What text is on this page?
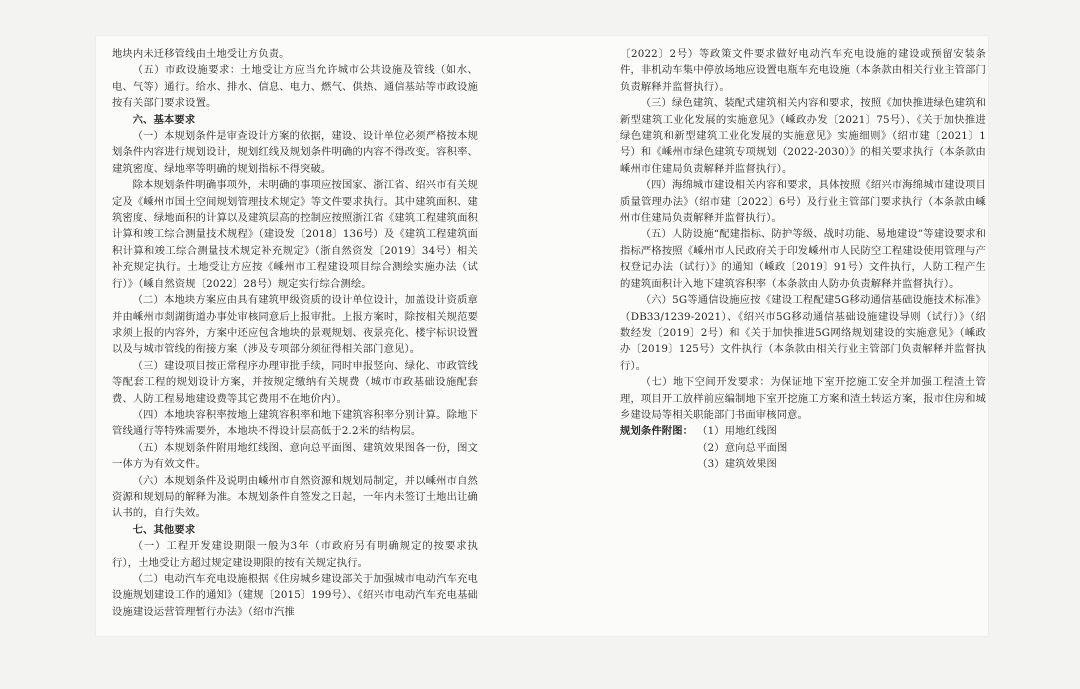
地块内未迁移管线由土地受让方负责。

（五）市政设施要求：土地受让方应当允许城市公共设施及管线（如水、电、气等）通行。给水、排水、信息、电力、燃气、供热、通信基站等市政设施按有关部门要求设置。

六、基本要求

（一）本规划条件是审查设计方案的依据，建设、设计单位必须严格按本规划条件内容进行规划设计，规划红线及规划条件明确的内容不得改变。容积率、建筑密度、绿地率等明确的规划指标不得突破。

除本规划条件明确事项外，未明确的事项应按国家、浙江省、绍兴市有关规定及《嵊州市国土空间规划管理技术规定》等文件要求执行。其中建筑面积、建筑密度、绿地面积的计算以及建筑层高的控制应按照浙江省《建筑工程建筑面积计算和竣工综合测量技术规程》（建设发〔2018〕136号）及《建筑工程建筑面积计算和竣工综合测量技术规定补充规定》（浙自然资发〔2019〕34号）相关补充规定执行。土地受让方应按《嵊州市工程建设项目综合测绘实施办法（试行）》（嵊自然资规〔2022〕28号）规定实行综合测绘。

（二）本地块方案应由具有建筑甲级资质的设计单位设计，加盖设计资质章并由嵊州市剡湖街道办事处审核同意后上报审批。上报方案时，除按相关规范要求须上报的内容外，方案中还应包含地块的景观规划、夜景亮化、楼宇标识设置以及与城市管线的衔接方案（涉及专项部分须征得相关部门意见）。

（三）建设项目按正常程序办理审批手续，同时申报竖向、绿化、市政管线等配套工程的规划设计方案，并按规定缴纳有关规费（城市市政基础设施配套费、人防工程易地建设费等其它费用不在地价内）。

（四）本地块容积率按地上建筑容积率和地下建筑容积率分别计算。除地下管线通行等特殊需要外，本地块不得设计层高低于2.2米的结构层。

（五）本规划条件附用地红线图、意向总平面图、建筑效果图各一份，图文一体方为有效文件。

（六）本规划条件及说明由嵊州市自然资源和规划局制定，并以嵊州市自然资源和规划局的解释为准。本规划条件自签发之日起，一年内未签订土地出让确认书的，自行失效。

七、其他要求

（一）工程开发建设期限一般为3年（市政府另有明确规定的按要求执行），土地受让方超过规定建设期限的按有关规定执行。

（二）电动汽车充电设施根据《住房城乡建设部关于加强城市电动汽车充电设施规划建设工作的通知》（建规〔2015〕199号）、《绍兴市电动汽车充电基础设施建设运营管理暂行办法》（绍市汽推

〔2022〕2号）等政策文件要求做好电动汽车充电设施的建设或预留安装条件，非机动车集中停放场地应设置电瓶车充电设施（本条款由相关行业主管部门负责解释并监督执行）。

（三）绿色建筑、装配式建筑相关内容和要求，按照《加快推进绿色建筑和新型建筑工业化发展的实施意见》（嵊政办发〔2021〕75号）、《关于加快推进绿色建筑和新型建筑工业化发展的实施意见》实施细则》（绍市建〔2021〕1号）和《嵊州市绿色建筑专项规划（2022-2030）》的相关要求执行（本条款由嵊州市住建局负责解释并监督执行）。

（四）海绵城市建设相关内容和要求，具体按照《绍兴市海绵城市建设项目质量管理办法》（绍市建〔2022〕6号）及行业主管部门要求执行（本条款由嵊州市住建局负责解释并监督执行）。

（五）人防设施“配建指标、防护等级、战时功能、易地建设”等建设要求和指标严格按照《嵊州市人民政府关于印发嵊州市人民防空工程建设使用管理与产权登记办法（试行）》的通知（嵊政〔2019〕91号）文件执行，人防工程产生的建筑面积计入地下建筑容积率（本条款由人防办负责解释并监督执行）。

（六）5G等通信设施应按《建设工程配建5G移动通信基础设施技术标准》（DB33/1239-2021）、《绍兴市5G移动通信基础设施建设导则（试行）》（绍数经发〔2019〕2号）和《关于加快推进5G网络规划建设的实施意见》（嵊政办〔2019〕125号）文件执行（本条款由相关行业主管部门负责解释并监督执行）。

（七）地下空间开发要求：为保证地下室开挖施工安全并加强工程渣土管理，项目开工放样前应编制地下室开挖施工方案和渣土转运方案，报市住房和城乡建设局等相关职能部门书面审核同意。

规划条件附图： （1）用地红线图
（2）意向总平面图
（3）建筑效果图
